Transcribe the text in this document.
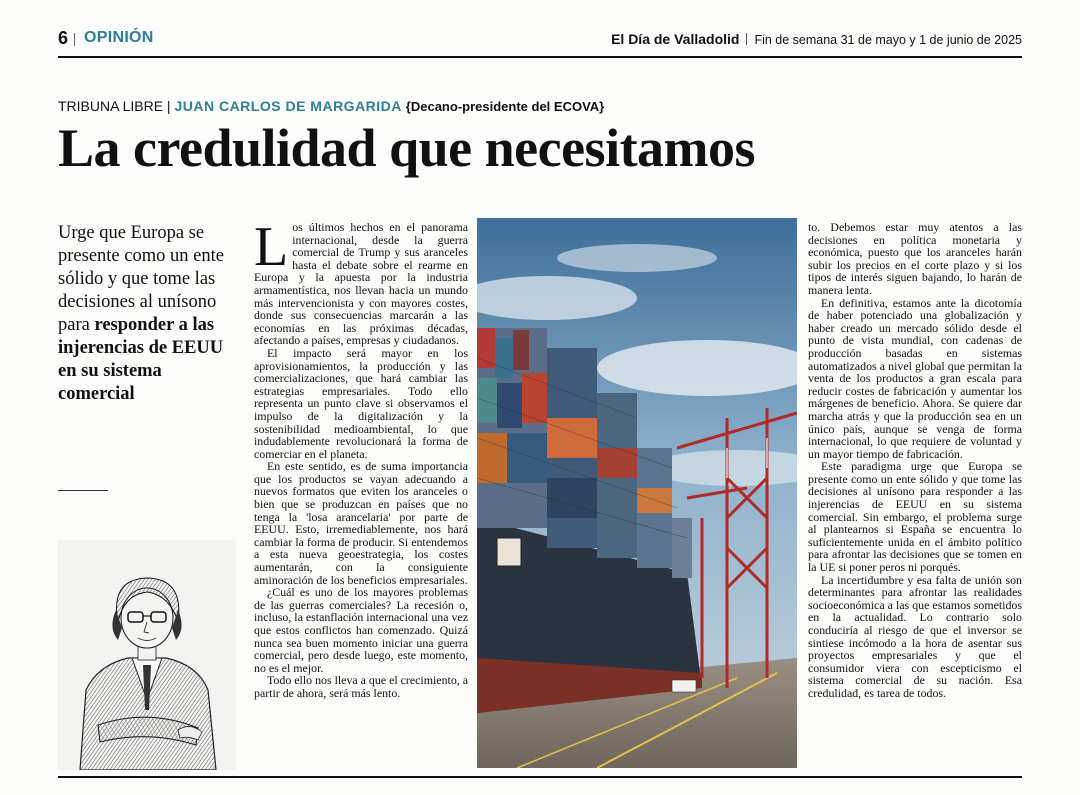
6 OPINIÓN	El Día de Valladolid Fin de semana 31 de mayo y 1 de junio de 2025
TRIBUNA LIBRE | JUAN CARLOS DE MARGARIDA {Decano-presidente del ECOVA}
La credulidad que necesitamos

Urge que Europa se presente como un ente sólido y que tome las decisiones al unísono para responder a las injerencias de EEUU en su sistema comercial

Los últimos hechos en el panorama internacional, desde la guerra comercial de Trump y sus aranceles hasta el debate sobre el rearme en Europa y la apuesta por la industria armamentística, nos llevan hacia un mundo más intervencionista y con mayores costes, donde sus consecuencias marcarán a las economías en las próximas décadas, afectando a países, empresas y ciudadanos.

El impacto será mayor en los aprovisionamientos, la producción y las comercializaciones, que hará cambiar las estrategias empresariales. Todo ello representa un punto clave si observamos el impulso de la digitalización y la sostenibilidad medioambiental, lo que indudablemente revolucionará la forma de comerciar en el planeta.

En este sentido, es de suma importancia que los productos se vayan adecuando a nuevos formatos que eviten los aranceles o bien que se produzcan en países que no tenga la 'losa arancelaria' por parte de EEUU. Esto, irremediablemente, nos hará cambiar la forma de producir. Si entendemos a esta nueva geoestrategia, los costes aumentarán, con la consiguiente aminoración de los beneficios empresariales.

¿Cuál es uno de los mayores problemas de las guerras comerciales? La recesión o, incluso, la estanflación internacional una vez que estos conflictos han comenzado. Quizá nunca sea buen momento iniciar una guerra comercial, pero desde luego, este momento, no es el mejor.

Todo ello nos lleva a que el crecimiento, a partir de ahora, será más lento.

to. Debemos estar muy atentos a las decisiones en política monetaria y económica, puesto que los aranceles harán subir los precios en el corte plazo y si los tipos de interés siguen bajando, lo harán de manera lenta.

En definitiva, estamos ante la dicotomía de haber potenciado una globalización y haber creado un mercado sólido desde el punto de vista mundial, con cadenas de producción basadas en sistemas automatizados a nivel global que permitan la venta de los productos a gran escala para reducir costes de fabricación y aumentar los márgenes de beneficio. Ahora. Se quiere dar marcha atrás y que la producción sea en un único país, aunque se venga de forma internacional, lo que requiere de voluntad y un mayor tiempo de fabricación.

Este paradigma urge que Europa se presente como un ente sólido y que tome las decisiones al unísono para responder a las injerencias de EEUU en su sistema comercial. Sin embargo, el problema surge al plantearnos si España se encuentra lo suficientemente unida en el ámbito político para afrontar las decisiones que se tomen en la UE si poner peros ni porqués.

La incertidumbre y esa falta de unión son determinantes para afrontar las realidades socioeconómica a las que estamos sometidos en la actualidad. Lo contrario solo conduciría al riesgo de que el inversor se sintiese incómodo a la hora de asentar sus proyectos empresariales y que el consumidor viera con escepticismo el sistema comercial de su nación. Esa credulidad, es tarea de todos.
